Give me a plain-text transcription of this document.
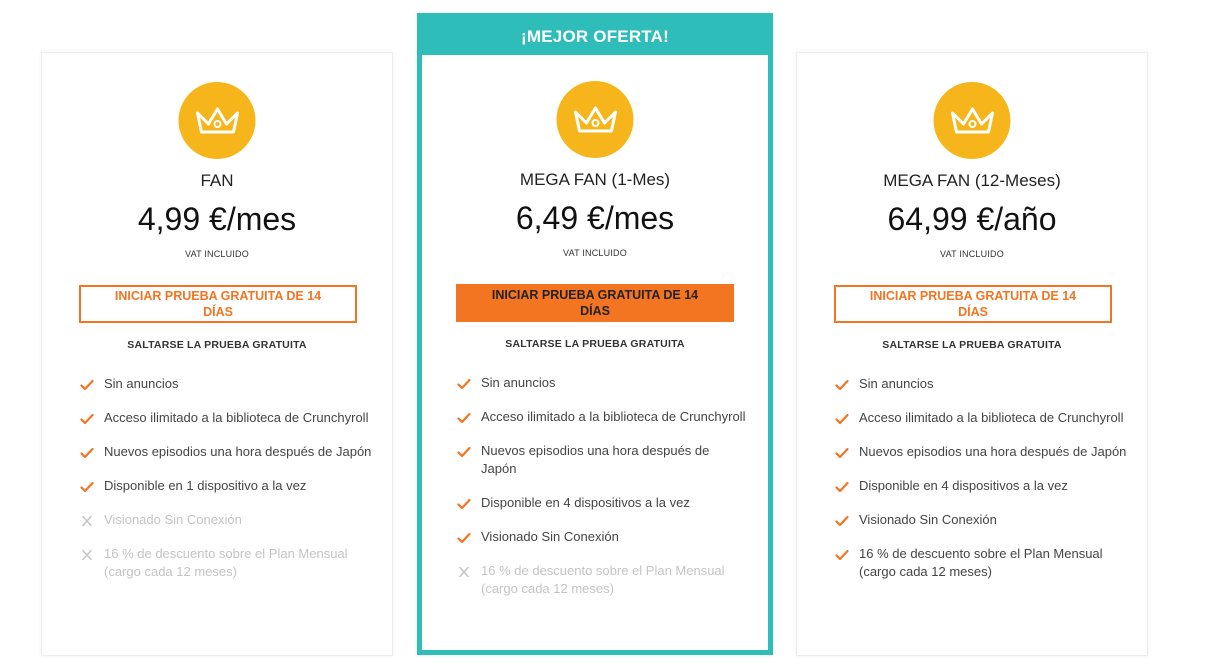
FAN
4,99 €/mes
VAT INCLUIDO
INICIAR PRUEBA GRATUITA DE 14 DÍAS
SALTARSE LA PRUEBA GRATUITA
Sin anuncios
Acceso ilimitado a la biblioteca de Crunchyroll
Nuevos episodios una hora después de Japón
Disponible en 1 dispositivo a la vez
Visionado Sin Conexión
16 % de descuento sobre el Plan Mensual (cargo cada 12 meses)
¡MEJOR OFERTA!
MEGA FAN (1-Mes)
6,49 €/mes
VAT INCLUIDO
INICIAR PRUEBA GRATUITA DE 14 DÍAS
SALTARSE LA PRUEBA GRATUITA
Sin anuncios
Acceso ilimitado a la biblioteca de Crunchyroll
Nuevos episodios una hora después de Japón
Disponible en 4 dispositivos a la vez
Visionado Sin Conexión
16 % de descuento sobre el Plan Mensual (cargo cada 12 meses)
MEGA FAN (12-Meses)
64,99 €/año
VAT INCLUIDO
INICIAR PRUEBA GRATUITA DE 14 DÍAS
SALTARSE LA PRUEBA GRATUITA
Sin anuncios
Acceso ilimitado a la biblioteca de Crunchyroll
Nuevos episodios una hora después de Japón
Disponible en 4 dispositivos a la vez
Visionado Sin Conexión
16 % de descuento sobre el Plan Mensual (cargo cada 12 meses)
